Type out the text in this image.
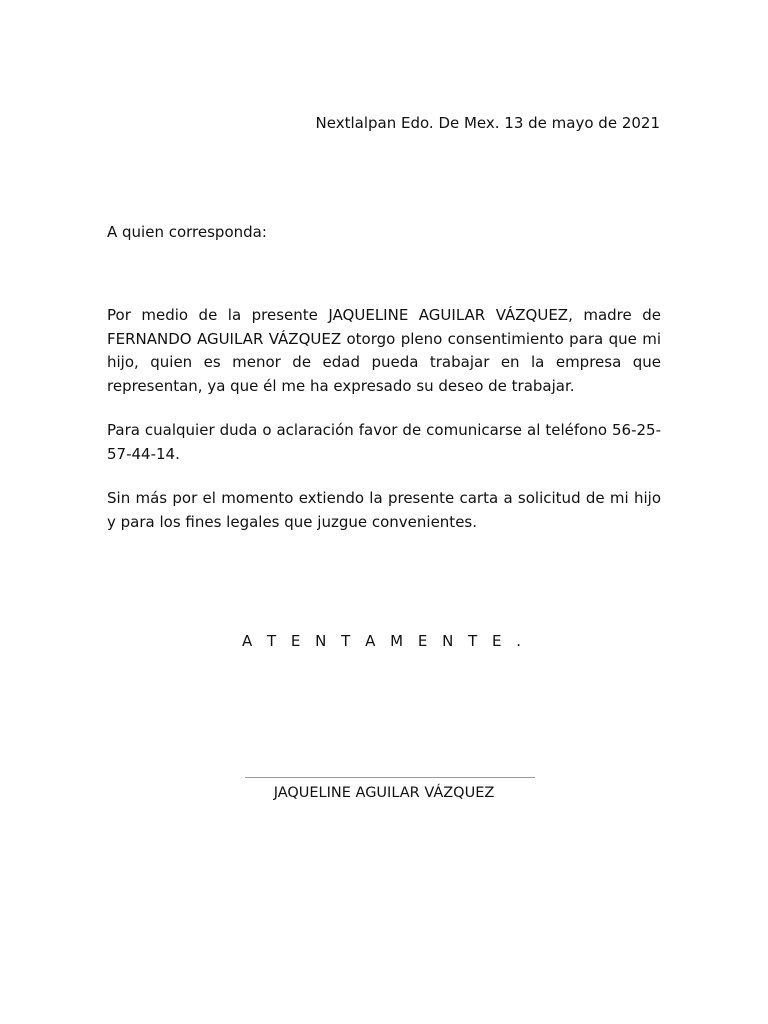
Nextlalpan Edo. De Mex. 13 de mayo de 2021
A quien corresponda:

Por medio de la presente JAQUELINE AGUILAR VÁZQUEZ, madre de FERNANDO AGUILAR VÁZQUEZ otorgo pleno consentimiento para que mi hijo, quien es menor de edad pueda trabajar en la empresa que representan, ya que él me ha expresado su deseo de trabajar.

Para cualquier duda o aclaración favor de comunicarse al teléfono 56-25-57-44-14.

Sin más por el momento extiendo la presente carta a solicitud de mi hijo y para los fines legales que juzgue convenientes.

A T E N T A M E N T E .
JAQUELINE AGUILAR VÁZQUEZ
